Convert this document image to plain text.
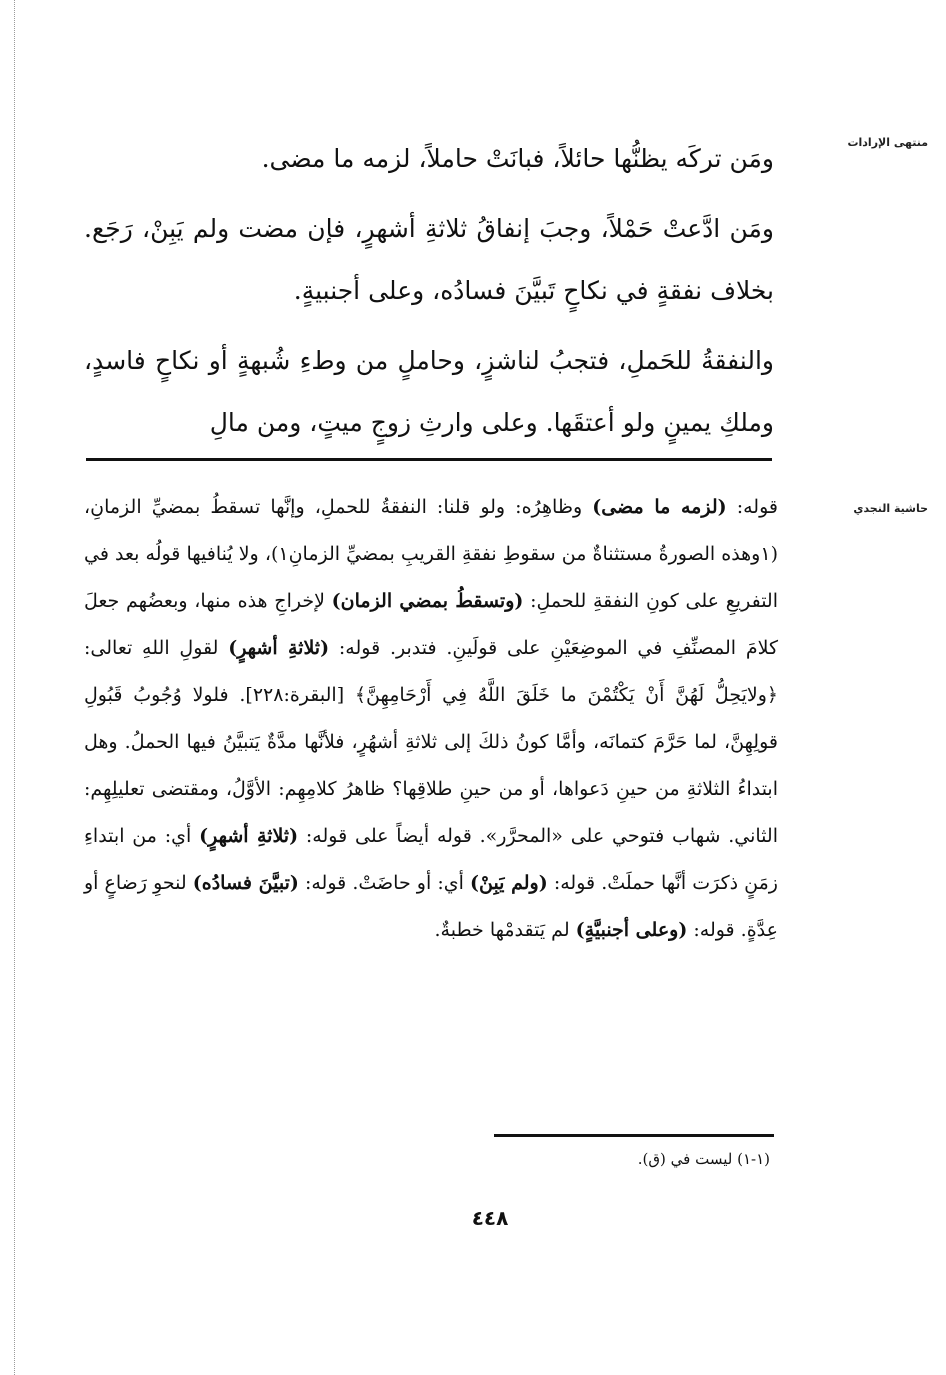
منتهى الإرادات

ومَن تركَه يظنُّها حائلاً، فبانَتْ حاملاً، لزمه ما مضى.

ومَن ادَّعتْ حَمْلاً، وجبَ إنفاقُ ثلاثةِ أشهرٍ، فإن مضت ولم يَبِنْ، رَجَع. بخلاف نفقةٍ في نكاحٍ تَبيَّنَ فسادُه، وعلى أجنبيةٍ.

والنفقةُ للحَملِ، فتجبُ لناشزٍ، وحاملٍ من وطءِ شُبهةٍ أو نكاحٍ فاسدٍ، وملكِ يمينٍ ولو أعتقَها. وعلى وارثِ زوجٍ ميتٍ، ومن مالِ

حاشية النجدي
قوله: (لزمه ما مضى) وظاهِرُه: ولو قلنا: النفقةُ للحملِ، وإنَّها تسقطُ بمضيِّ الزمانِ، (١وهذه الصورةُ مستثناةٌ من سقوطِ نفقةِ القريبِ بمضيِّ الزمانِ١)، ولا يُنافيها قولُه بعد في التفريعِ على كونِ النفقةِ للحملِ: (وتسقطُ بمضي الزمان) لإخراجِ هذه منها، وبعضُهم جعلَ كلامَ المصنِّفِ في الموضِعَيْنِ على قولَينِ. فتدبر. قوله: (ثلاثةِ أشهرٍ) لقولِ اللهِ تعالى: ﴿ولايَحِلُّ لَهُنَّ أَنْ يَكْتُمْنَ ما خَلَقَ اللَّهُ فِي أَرْحَامِهِنَّ﴾ [البقرة:٢٢٨]. فلولا وُجُوبُ قَبُولِ قولِهِنَّ، لما حَرَّمَ كتمانَه، وأمَّا كونُ ذلكَ إلى ثلاثةِ أشهُرٍ، فلأنَّها مدَّةٌ يَتبيَّنُ فيها الحملُ. وهل ابتداءُ الثلاثةِ من حينِ دَعواها، أو من حينِ طلاقِها؟ ظاهرُ كلامِهِم: الأوَّلُ، ومقتضى تعليلِهِم: الثاني. شهاب فتوحي على «المحرَّر». قوله أيضاً على قوله: (ثلاثةِ أشهرٍ) أي: من ابتداءِ زمَنٍ ذكرَت أنَّها حملَتْ. قوله: (ولم يَبِنْ) أي: أو حاضَتْ. قوله: (تبيَّنَ فسادُه) لنحوِ رَضاعٍ أو عِدَّةٍ. قوله: (وعلى أجنبيَّةٍ) لم يَتقدمْها خطبةٌ.
(١-١) ليست في (ق).
٤٤٨
